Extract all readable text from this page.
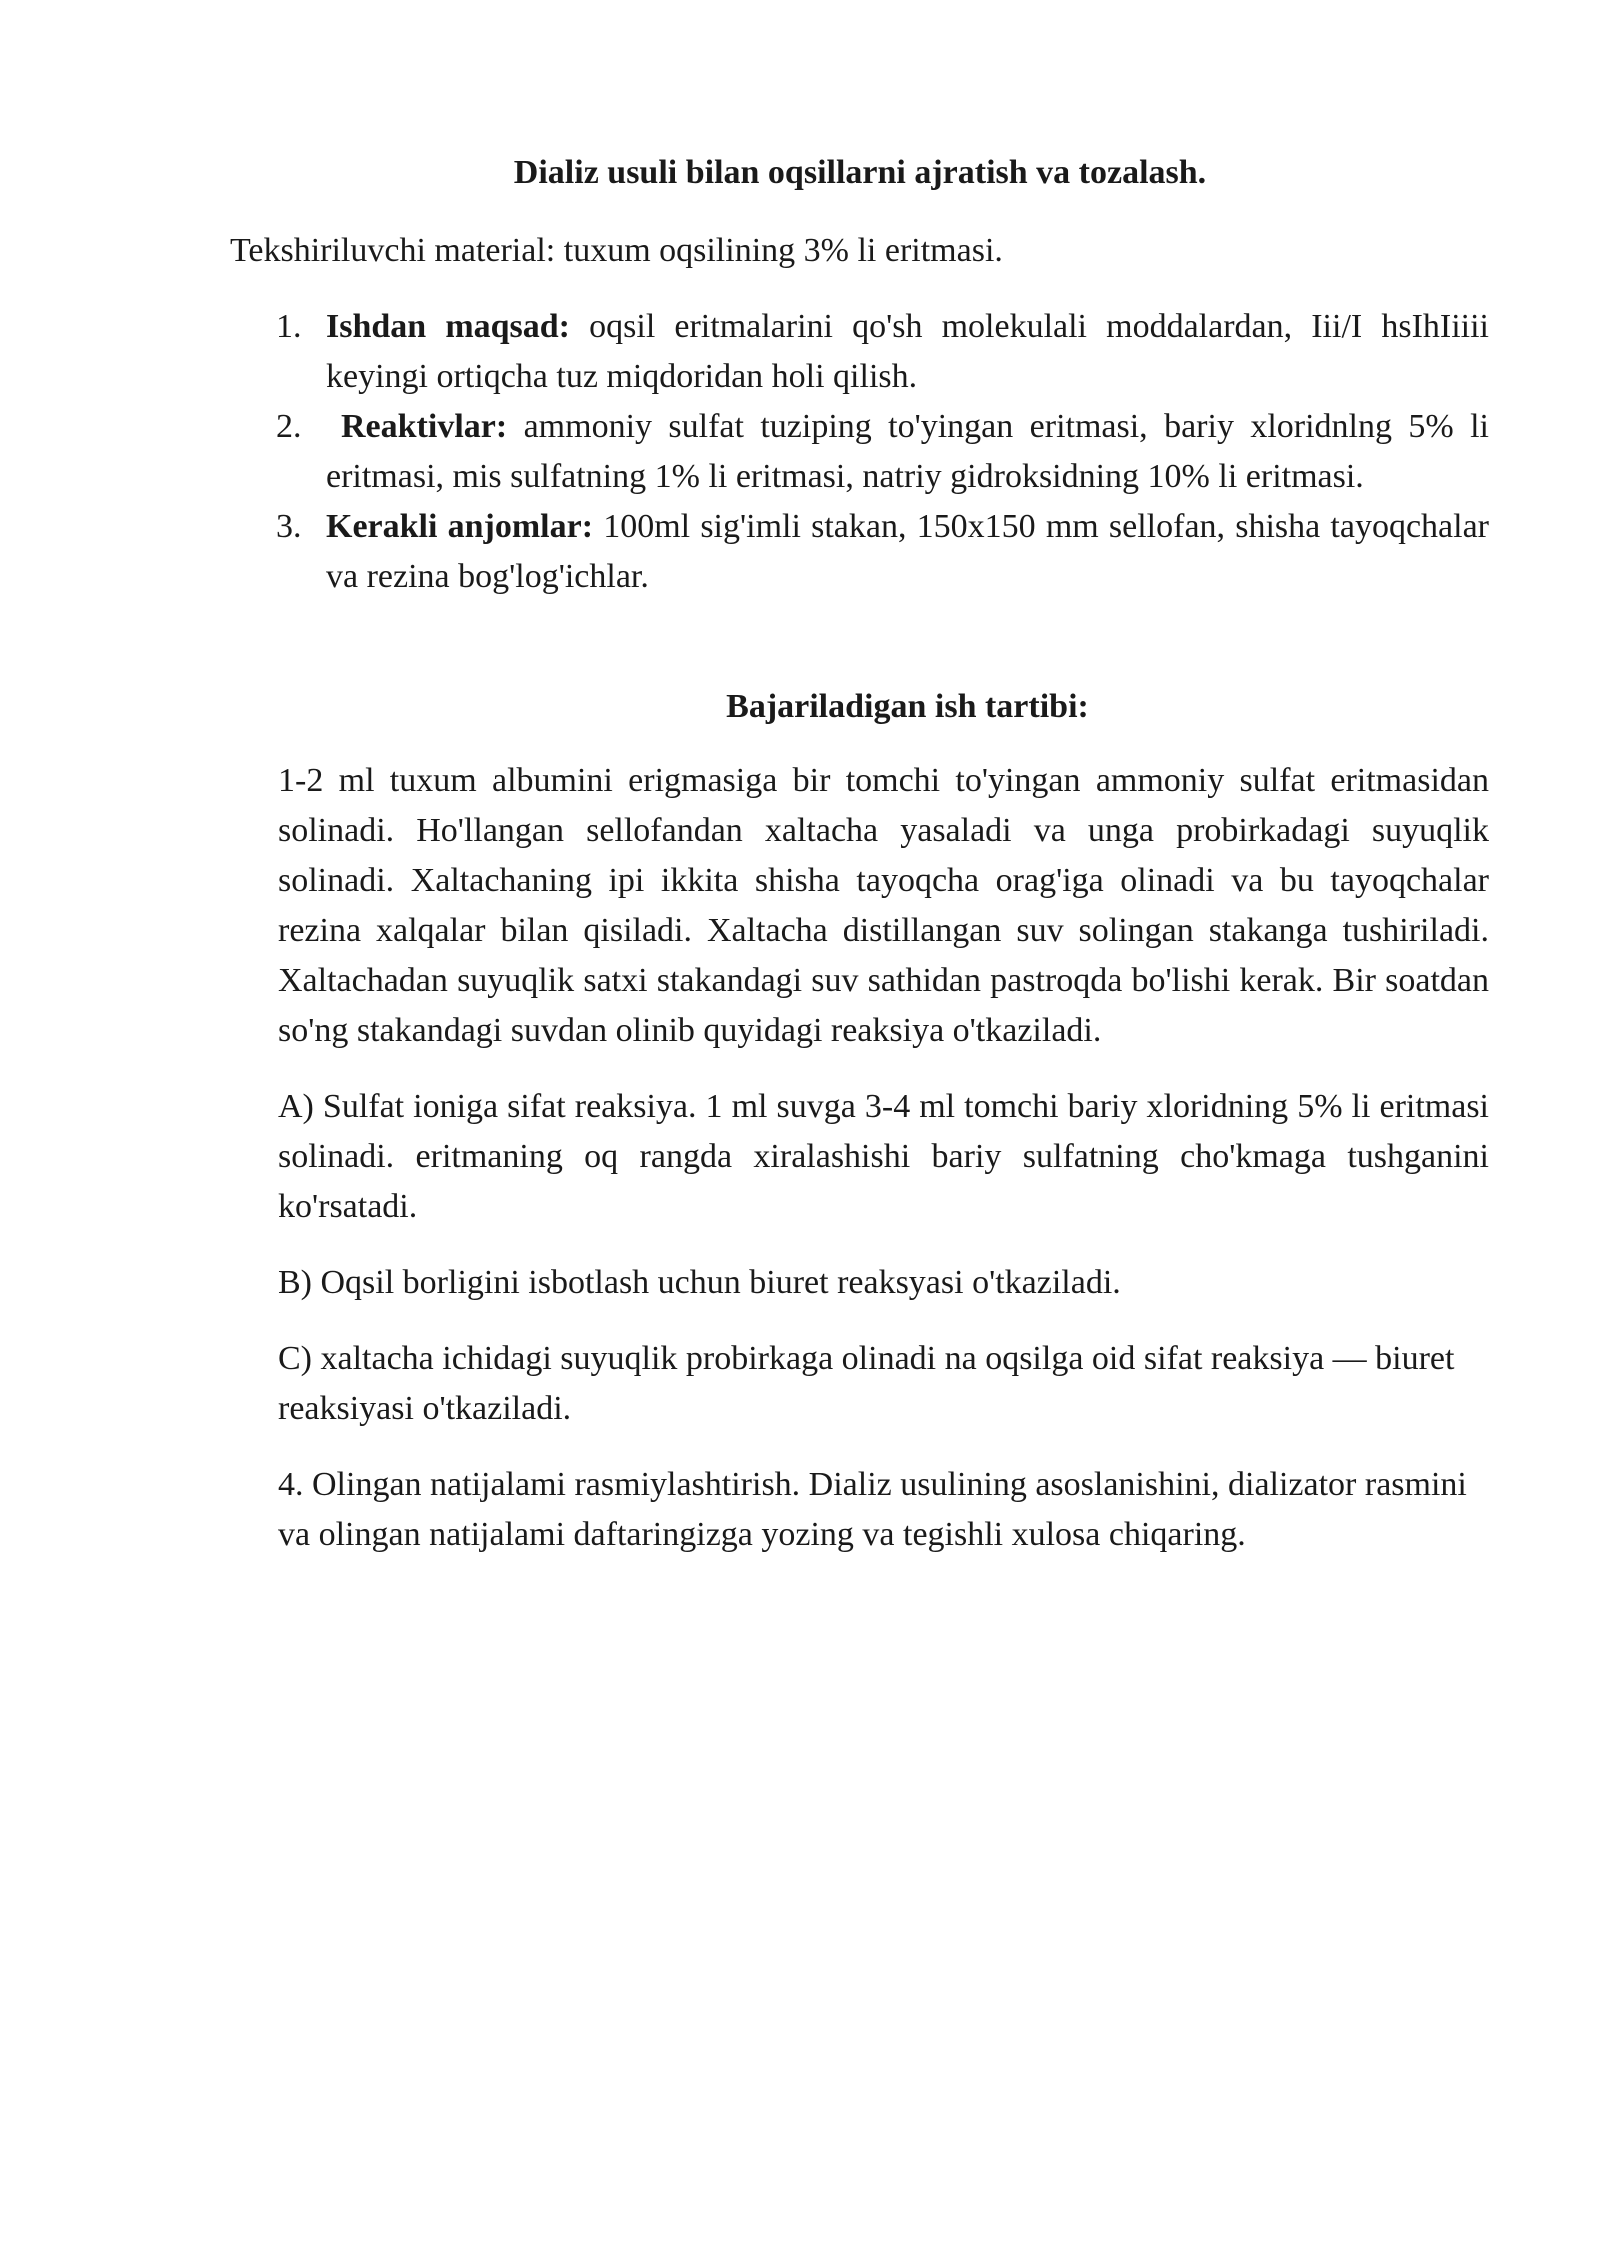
Dializ usuli bilan oqsillarni ajratish va tozalash.

Tekshiriluvchi material: tuxum oqsilining 3% li eritmasi.

1. Ishdan maqsad: oqsil eritmalarini qo'sh molekulali moddalardan, Iii/I hsIhIiiii keyingi ortiqcha tuz miqdoridan holi qilish.
2. Reaktivlar: ammoniy sulfat tuziping to'yingan eritmasi, bariy xloridnlng 5% li eritmasi, mis sulfatning 1% li eritmasi, natriy gidroksidning 10% li eritmasi.
3. Kerakli anjomlar: 100ml sig'imli stakan, 150x150 mm sellofan, shisha tayoqchalar va rezina bog'log'ichlar.
Bajariladigan ish tartibi:

1-2 ml tuxum albumini erigmasiga bir tomchi to'yingan ammoniy sulfat eritmasidan solinadi. Ho'llangan sellofandan xaltacha yasaladi va unga probirkadagi suyuqlik solinadi. Xaltachaning ipi ikkita shisha tayoqcha orag'iga olinadi va bu tayoqchalar rezina xalqalar bilan qisiladi. Xaltacha distillangan suv solingan stakanga tushiriladi. Xaltachadan suyuqlik satxi stakandagi suv sathidan pastroqda bo'lishi kerak. Bir soatdan so'ng stakandagi suvdan olinib quyidagi reaksiya o'tkaziladi.

A) Sulfat ioniga sifat reaksiya. 1 ml suvga 3-4 ml tomchi bariy xloridning 5% li eritmasi solinadi. eritmaning oq rangda xiralashishi bariy sulfatning cho'kmaga tushganini ko'rsatadi.

B) Oqsil borligini isbotlash uchun biuret reaksyasi o'tkaziladi.

C) xaltacha ichidagi suyuqlik probirkaga olinadi na oqsilga oid sifat reaksiya — biuret reaksiyasi o'tkaziladi.

4. Olingan natijalami rasmiylashtirish. Dializ usulining asoslanishini, dializator rasmini va olingan natijalami daftaringizga yozing va tegishli xulosa chiqaring.
